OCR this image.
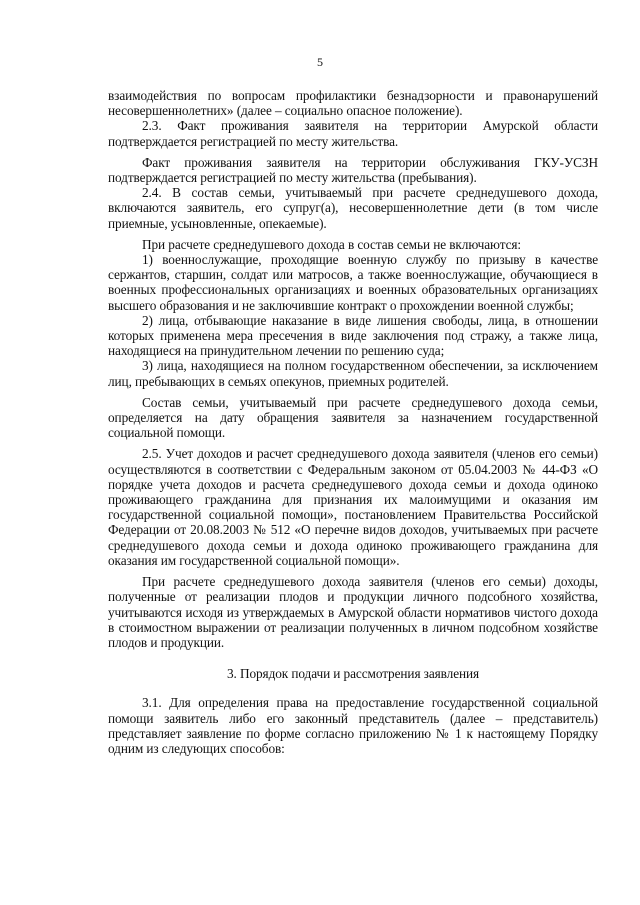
5

взаимодействия по вопросам профилактики безнадзорности и правонарушений несовершеннолетних» (далее – социально опасное положение).

2.3. Факт проживания заявителя на территории Амурской области подтверждается регистрацией по месту жительства.

Факт проживания заявителя на территории обслуживания ГКУ-УСЗН подтверждается регистрацией по месту жительства (пребывания).

2.4. В состав семьи, учитываемый при расчете среднедушевого дохода, включаются заявитель, его супруг(а), несовершеннолетние дети (в том числе приемные, усыновленные, опекаемые).

При расчете среднедушевого дохода в состав семьи не включаются:

1) военнослужащие, проходящие военную службу по призыву в качестве сержантов, старшин, солдат или матросов, а также военнослужащие, обучающиеся в военных профессиональных организациях и военных образовательных организациях высшего образования и не заключившие контракт о прохождении военной службы;

2) лица, отбывающие наказание в виде лишения свободы, лица, в отношении которых применена мера пресечения в виде заключения под стражу, а также лица, находящиеся на принудительном лечении по решению суда;

3) лица, находящиеся на полном государственном обеспечении, за исключением лиц, пребывающих в семьях опекунов, приемных родителей.

Состав семьи, учитываемый при расчете среднедушевого дохода семьи, определяется на дату обращения заявителя за назначением государственной социальной помощи.

2.5. Учет доходов и расчет среднедушевого дохода заявителя (членов его семьи) осуществляются в соответствии с Федеральным законом от 05.04.2003 № 44-ФЗ «О порядке учета доходов и расчета среднедушевого дохода семьи и дохода одиноко проживающего гражданина для признания их малоимущими и оказания им государственной социальной помощи», постановлением Правительства Российской Федерации от 20.08.2003 № 512 «О перечне видов доходов, учитываемых при расчете среднедушевого дохода семьи и дохода одиноко проживающего гражданина для оказания им государственной социальной помощи».

При расчете среднедушевого дохода заявителя (членов его семьи) доходы, полученные от реализации плодов и продукции личного подсобного хозяйства, учитываются исходя из утверждаемых в Амурской области нормативов чистого дохода в стоимостном выражении от реализации полученных в личном подсобном хозяйстве плодов и продукции.

3. Порядок подачи и рассмотрения заявления

3.1. Для определения права на предоставление государственной социальной помощи заявитель либо его законный представитель (далее – представитель) представляет заявление по форме согласно приложению № 1 к настоящему Порядку одним из следующих способов:
